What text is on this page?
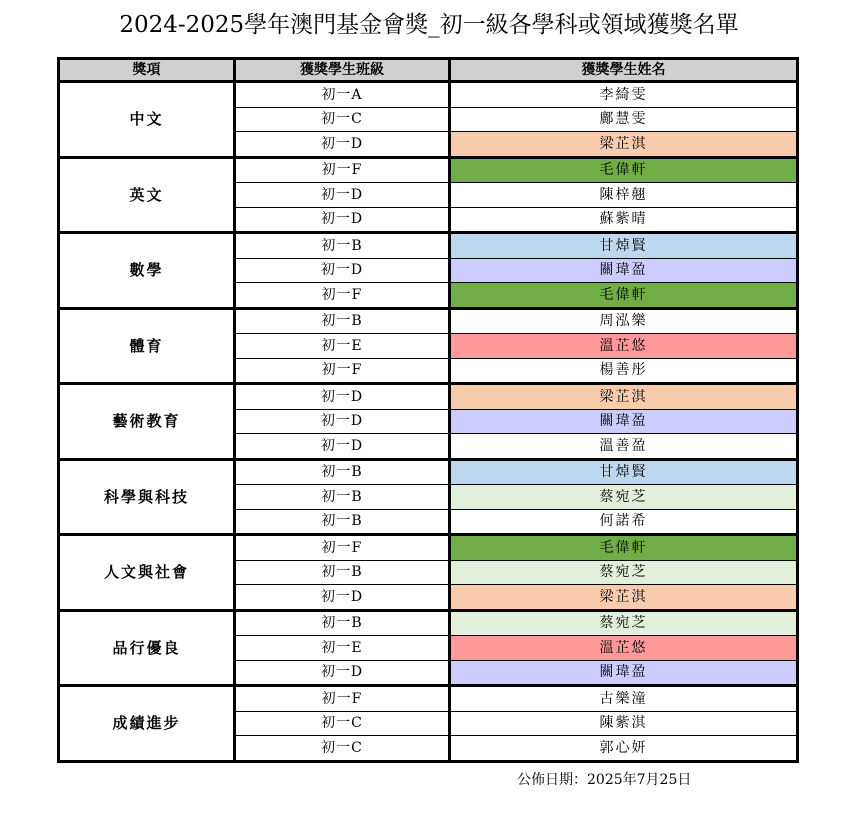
2024-2025學年澳門基金會獎_初一級各學科或領域獲獎名單
獎項	獲獎學生班級	獲獎學生姓名
中文	初一A	李綺雯
	初一C	鄺慧雯
	初一D	梁芷淇
英文	初一F	毛偉軒
	初一D	陳梓翹
	初一D	蘇紫晴
數學	初一B	甘焯賢
	初一D	關瑋盈
	初一F	毛偉軒
體育	初一B	周泓樂
	初一E	溫芷悠
	初一F	楊善彤
藝術教育	初一D	梁芷淇
	初一D	關瑋盈
	初一D	溫善盈
科學與科技	初一B	甘焯賢
	初一B	蔡宛芝
	初一B	何諾希
人文與社會	初一F	毛偉軒
	初一B	蔡宛芝
	初一D	梁芷淇
品行優良	初一B	蔡宛芝
	初一E	溫芷悠
	初一D	關瑋盈
成績進步	初一F	古樂潼
	初一C	陳紫淇
	初一C	郭心妍
公佈日期：2025年7月25日
